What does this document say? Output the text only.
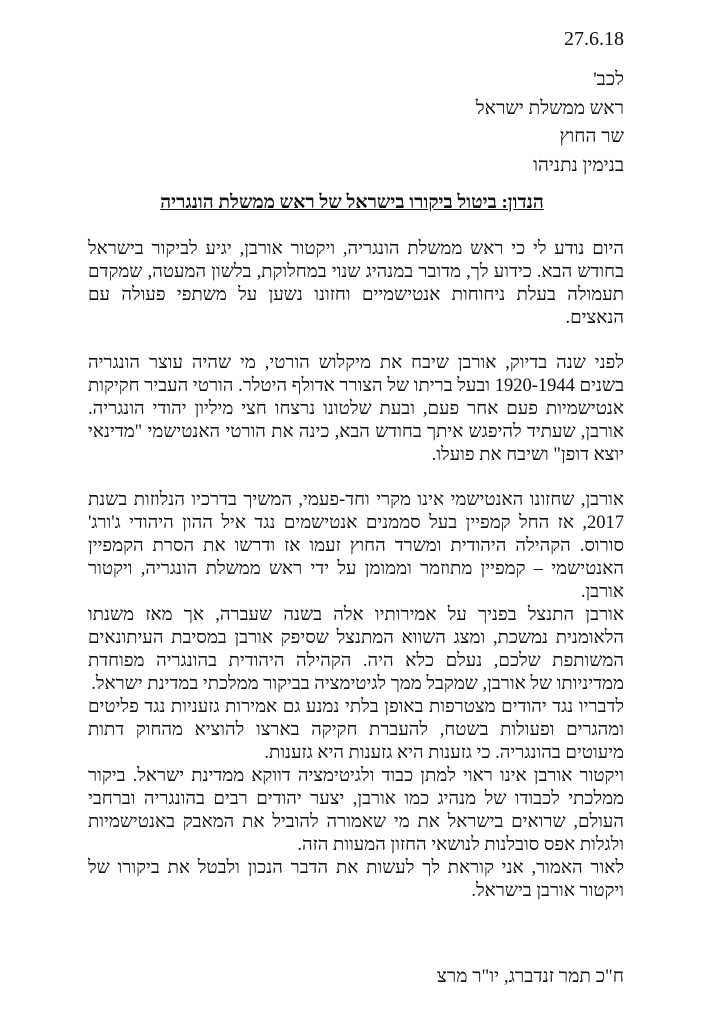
27.6.18
לכב'
ראש ממשלת ישראל
שר החוץ
בנימין נתניהו
הנדון: ביטול ביקורו בישראל של ראש ממשלת הונגריה

היום נודע לי כי ראש ממשלת הונגריה, ויקטור אורבן, יגיע לביקור בישראל בחודש הבא. כידוע לך, מדובר במנהיג שנוי במחלוקת, בלשון המעטה, שמקדם תעמולה בעלת ניחוחות אנטישמיים וחזונו נשען על משתפי פעולה עם הנאצים.

לפני שנה בדיוק, אורבן שיבח את מיקלוש הורטי, מי שהיה עוצר הונגריה בשנים 1920-1944 ובעל בריתו של הצורר אדולף היטלר. הורטי העביר חקיקות אנטישמיות פעם אחר פעם, ובעת שלטונו נרצחו חצי מיליון יהודי הונגריה. אורבן, שעתיד להיפגש איתך בחודש הבא, כינה את הורטי האנטישמי "מדינאי יוצא דופן" ושיבח את פועלו.

אורבן, שחזונו האנטישמי אינו מקרי וחד-פעמי, המשיך בדרכיו הנלוזות בשנת 2017, אז החל קמפיין בעל סממנים אנטישמים נגד איל ההון היהודי ג'ורג' סורוס. הקהילה היהודית ומשרד החוץ זעמו אז ודרשו את הסרת הקמפיין האנטישמי – קמפיין מתוזמר וממומן על ידי ראש ממשלת הונגריה, ויקטור אורבן.

אורבן התנצל בפניך על אמירותיו אלה בשנה שעברה, אך מאז משנתו הלאומנית נמשכת, ומצג השווא המתנצל שסיפק אורבן במסיבת העיתונאים המשותפת שלכם, נעלם כלא היה. הקהילה היהודית בהונגריה מפוחדת ממדיניותו של אורבן, שמקבל ממך לגיטימציה בביקור ממלכתי במדינת ישראל.

לדבריו נגד יהודים מצטרפות באופן בלתי נמנע גם אמירות גזעניות נגד פליטים ומהגרים ופעולות בשטח, להעברת חקיקה בארצו להוציא מהחוק דתות מיעוטים בהונגריה. כי גזענות היא גזענות היא גזענות.

ויקטור אורבן אינו ראוי למתן כבוד ולגיטימציה דווקא ממדינת ישראל. ביקור ממלכתי לכבודו של מנהיג כמו אורבן, יצער יהודים רבים בהונגריה וברחבי העולם, שרואים בישראל את מי שאמורה להוביל את המאבק באנטישמיות ולגלות אפס סובלנות לנושאי החזון המעוות הזה.

לאור האמור, אני קוראת לך לעשות את הדבר הנכון ולבטל את ביקורו של ויקטור אורבן בישראל.

ח"כ תמר זנדברג, יו"ר מרצ
